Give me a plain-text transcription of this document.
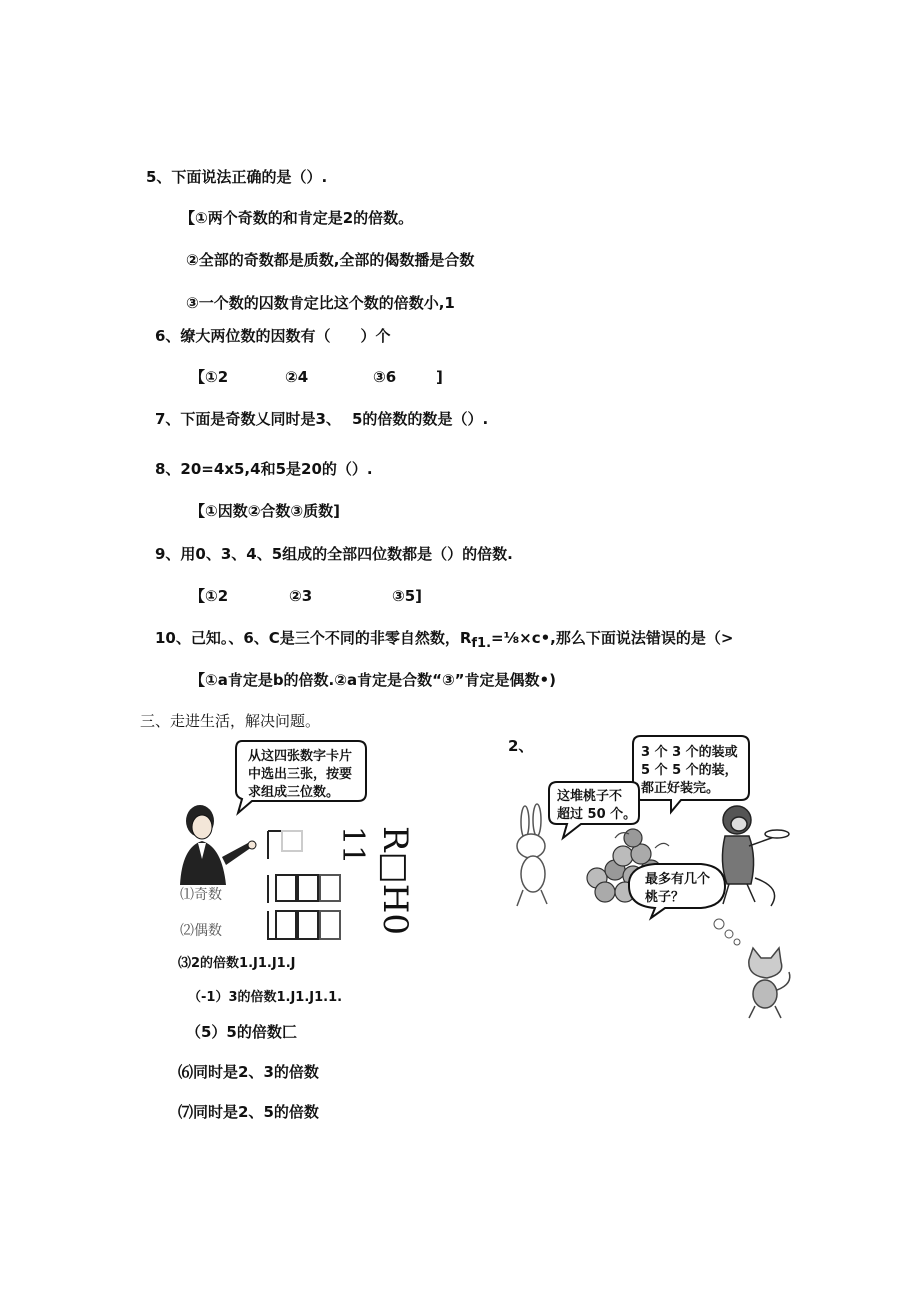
5、下面说法正确的是（）.
【①两个奇数的和肯定是2的倍数。
②全部的奇数都是质数,全部的偈数播是合数
③一个数的囚数肯定比这个数的倍数小,1
6、缭大两位数的因数有（　　）个
【①2	②4	③6	]
7、下面是奇数乂同时是3、 5的倍数的数是（）.
8、20=4x5,4和5是20的（）.
【①因数②合数③质数]
9、用0、3、4、5组成的全部四位数都是（）的倍数.
【①2	②3	③5]
10、己知。、6、C是三个不同的非零自然数，$R_{f1.}=\frac{1}{8}\times c•$,那么下面说法错误的是（>
【①a肯定是b的倍数.②a肯定是合数“③”肯定是偶数•)
三、走进生活，解决问题。
从这四张数字卡片
中选出三张，按要
求组成三位数。
⑴奇数
⑵偶数
11 R□H0
2、	3 个 3 个的装或
5 个 5 个的装，
都正好装完。
这堆桃子不
超过 50 个。
最多有几个
桃子？
⑶2的倍数1.J1.J1.J
（-1）3的倍数1.J1.J1.1.
（5）5的倍数匚
⑹同时是2、3的倍数
⑺同时是2、5的倍数
